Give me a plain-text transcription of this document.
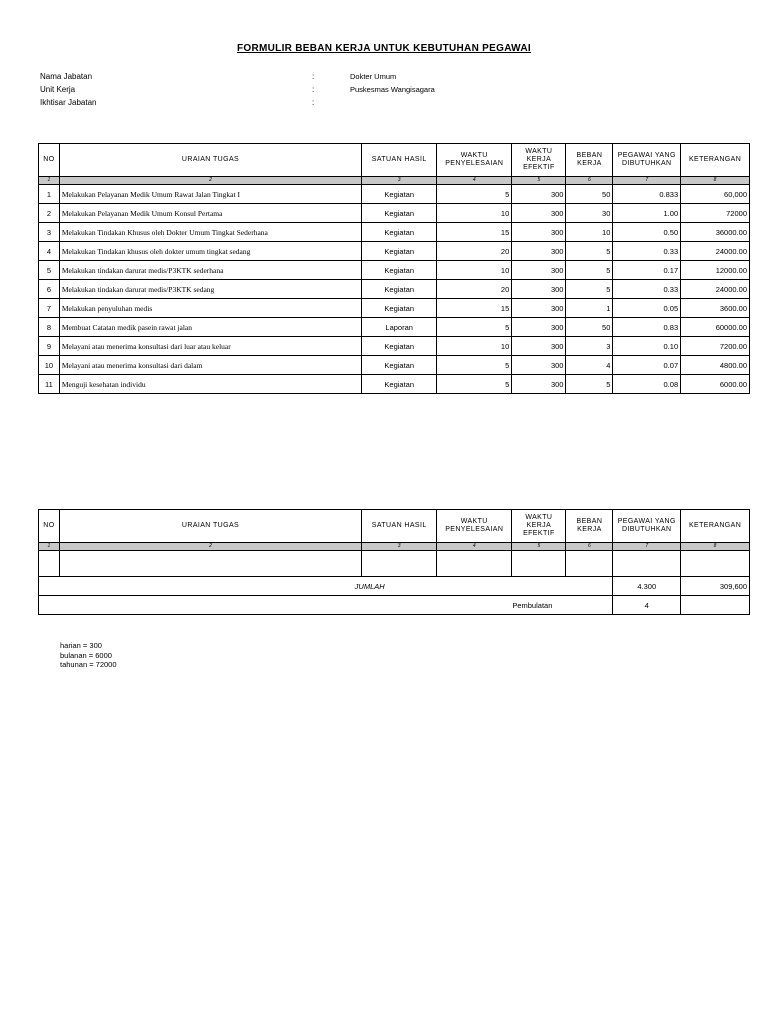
FORMULIR BEBAN KERJA UNTUK KEBUTUHAN PEGAWAI
Nama Jabatan	:	Dokter Umum
Unit Kerja	:	Puskesmas Wangisagara
Ikhtisar Jabatan	:
NO	URAIAN TUGAS	SATUAN HASIL	WAKTU PENYELESAIAN	WAKTU KERJA EFEKTIF	BEBAN KERJA	PEGAWAI YANG DIBUTUHKAN	KETERANGAN
1	2	3	4	5	6	7	8
1	Melakukan Pelayanan Medik Umum Rawat Jalan Tingkat I	Kegiatan	5	300	50	0.833	60,000
2	Melakukan Pelayanan Medik Umum Konsul Pertama	Kegiatan	10	300	30	1.00	72000
3	Melakukan Tindakan Khusus oleh Dokter Umum Tingkat Sederhana	Kegiatan	15	300	10	0.50	36000.00
4	Melakukan Tindakan khusus oleh dokter umum tingkat sedang	Kegiatan	20	300	5	0.33	24000.00
5	Melakukan tindakan darurat medis/P3KTK sederhana	Kegiatan	10	300	5	0.17	12000.00
6	Melakukan tindakan darurat medis/P3KTK sedang	Kegiatan	20	300	5	0.33	24000.00
7	Melakukan penyuluhan medis	Kegiatan	15	300	1	0.05	3600.00
8	Membuat Catatan medik pasein rawat jalan	Laporan	5	300	50	0.83	60000.00
9	Melayani atau menerima konsultasi dari luar atau keluar	Kegiatan	10	300	3	0.10	7200.00
10	Melayani atau menerima konsultasi dari dalam	Kegiatan	5	300	4	0.07	4800.00
11	Menguji kesehatan individu	Kegiatan	5	300	5	0.08	6000.00
NO	URAIAN TUGAS	SATUAN HASIL	WAKTU PENYELESAIAN	WAKTU KERJA EFEKTIF	BEBAN KERJA	PEGAWAI YANG DIBUTUHKAN	KETERANGAN
1	2	3	4	5	6	7	8

JUMLAH						4.300	309,600
Pembulatan						4	
harian = 300
bulanan = 6000
tahunan = 72000
